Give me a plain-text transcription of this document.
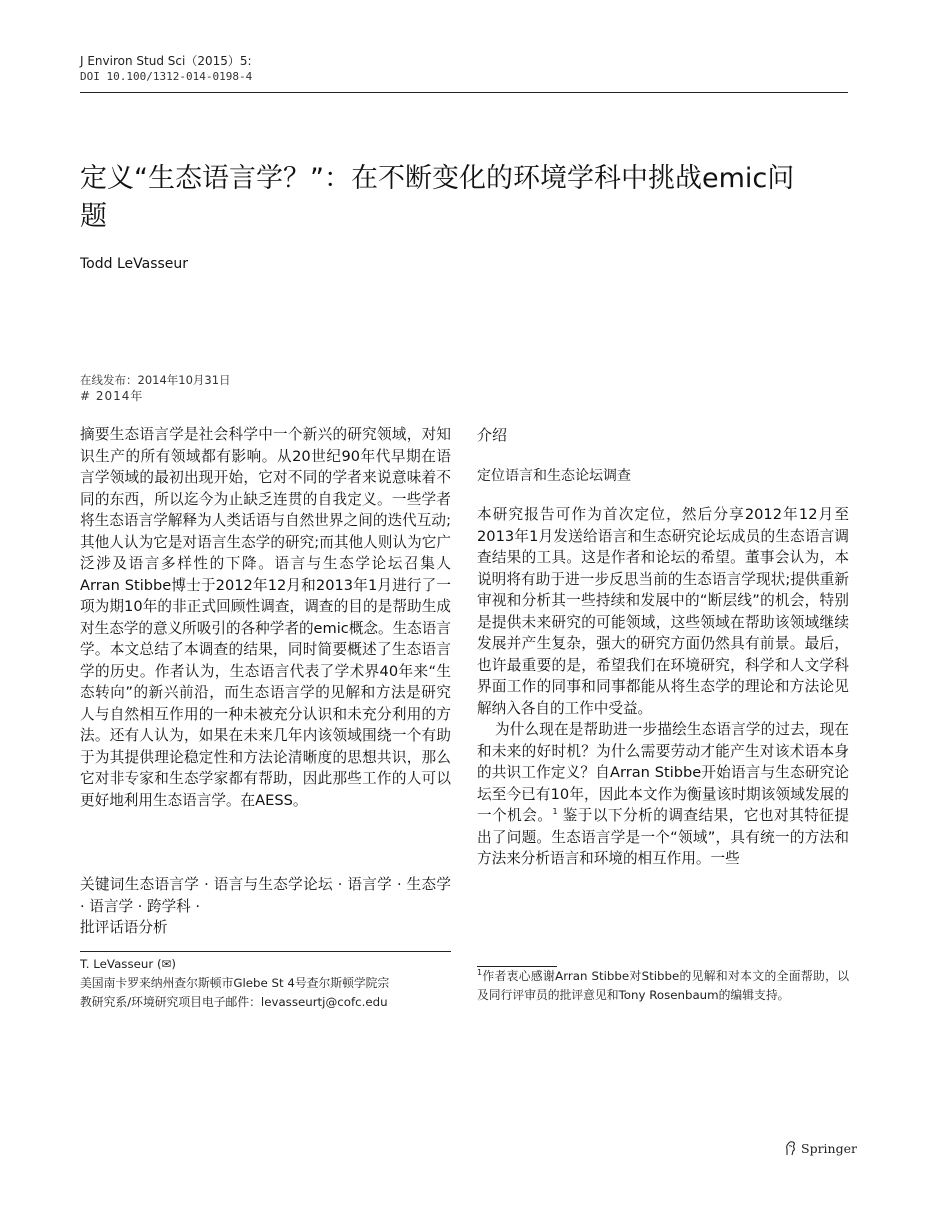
J Environ Stud Sci（2015）5:
DOI 10.100/1312-014-0198-4
定义“生态语言学？”：在不断变化的环境学科中挑战emic问题
Todd LeVasseur
在线发布：2014年10月31日
# 2014年
摘要生态语言学是社会科学中一个新兴的研究领域，对知识生产的所有领域都有影响。从20世纪90年代早期在语言学领域的最初出现开始，它对不同的学者来说意味着不同的东西，所以迄今为止缺乏连贯的自我定义。一些学者将生态语言学解释为人类话语与自然世界之间的迭代互动;其他人认为它是对语言生态学的研究;而其他人则认为它广泛涉及语言多样性的下降。语言与生态学论坛召集人Arran Stibbe博士于2012年12月和2013年1月进行了一项为期10年的非正式回顾性调查，调查的目的是帮助生成对生态学的意义所吸引的各种学者的emic概念。生态语言学。本文总结了本调查的结果，同时简要概述了生态语言学的历史。作者认为，生态语言代表了学术界40年来“生态转向”的新兴前沿，而生态语言学的见解和方法是研究人与自然相互作用的一种未被充分认识和未充分利用的方法。还有人认为，如果在未来几年内该领域围绕一个有助于为其提供理论稳定性和方法论清晰度的思想共识，那么它对非专家和生态学家都有帮助，因此那些工作的人可以更好地利用生态语言学。在AESS。
关键词生态语言学 · 语言与生态学论坛 · 语言学 · 生态学 · 语言学 · 跨学科 ·
批评话语分析
T. LeVasseur (✉)
美国南卡罗来纳州查尔斯顿市Glebe St 4号查尔斯顿学院宗
教研究系/环境研究项目电子邮件：levasseurtj@cofc.edu
介绍
定位语言和生态论坛调查

本研究报告可作为首次定位，然后分享2012年12月至2013年1月发送给语言和生态研究论坛成员的生态语言调查结果的工具。这是作者和论坛的希望。董事会认为，本说明将有助于进一步反思当前的生态语言学现状;提供重新审视和分析其一些持续和发展中的“断层线”的机会，特别是提供未来研究的可能领域，这些领域在帮助该领域继续发展并产生复杂，强大的研究方面仍然具有前景。最后，也许最重要的是，希望我们在环境研究，科学和人文学科界面工作的同事和同事都能从将生态学的理论和方法论见解纳入各自的工作中受益。

为什么现在是帮助进一步描绘生态语言学的过去，现在和未来的好时机？为什么需要劳动才能产生对该术语本身的共识工作定义？自Arran Stibbe开始语言与生态研究论坛至今已有10年，因此本文作为衡量该时期该领域发展的一个机会。$^1$ 鉴于以下分析的调查结果，它也对其特征提出了问题。生态语言学是一个“领域”，具有统一的方法和方法来分析语言和环境的相互作用。一些

$^1$作者衷心感谢Arran Stibbe对Stibbe的见解和对本文的全面帮助，以及同行评审员的批评意见和Tony Rosenbaum的编辑支持。
Springer
